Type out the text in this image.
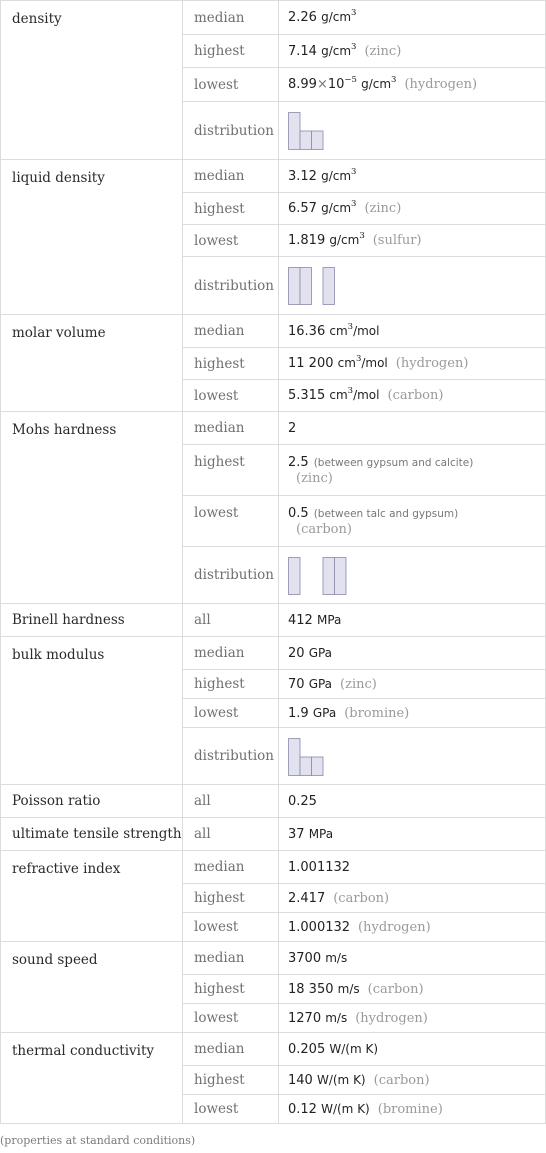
density	median	2.26 $g/cm^3$
	highest	7.14 $g/cm^3$ (zinc)
	lowest	$8.99\times 10^{-5}$ $g/cm^3$ (hydrogen)
	distribution	

liquid density	median	3.12 $g/cm^3$
	highest	6.57 $g/cm^3$ (zinc)
	lowest	1.819 $g/cm^3$ (sulfur)
	distribution	

molar volume	median	16.36 $cm^3$/mol
	highest	11 200 $cm^3$/mol (hydrogen)
	lowest	5.315 $cm^3$/mol (carbon)
Mohs hardness	median	2
	highest	2.5 (between gypsum and calcite)
(zinc)

	lowest	0.5 (between talc and gypsum)
(carbon)

	distribution	

Brinell hardness	all	412 MPa
bulk modulus	median	20 GPa
	highest	70 GPa (zinc)
	lowest	1.9 GPa (bromine)
	distribution	

Poisson ratio	all	0.25
ultimate tensile strength	all	37 MPa
refractive index	median	1.001132
	highest	2.417 (carbon)
	lowest	1.000132 (hydrogen)
sound speed	median	3700 m/s
	highest	18 350 m/s (carbon)
	lowest	1270 m/s (hydrogen)
thermal conductivity	median	0.205 W/(m K)
	highest	140 W/(m K) (carbon)
	lowest	0.12 W/(m K) (bromine)
(properties at standard conditions)
